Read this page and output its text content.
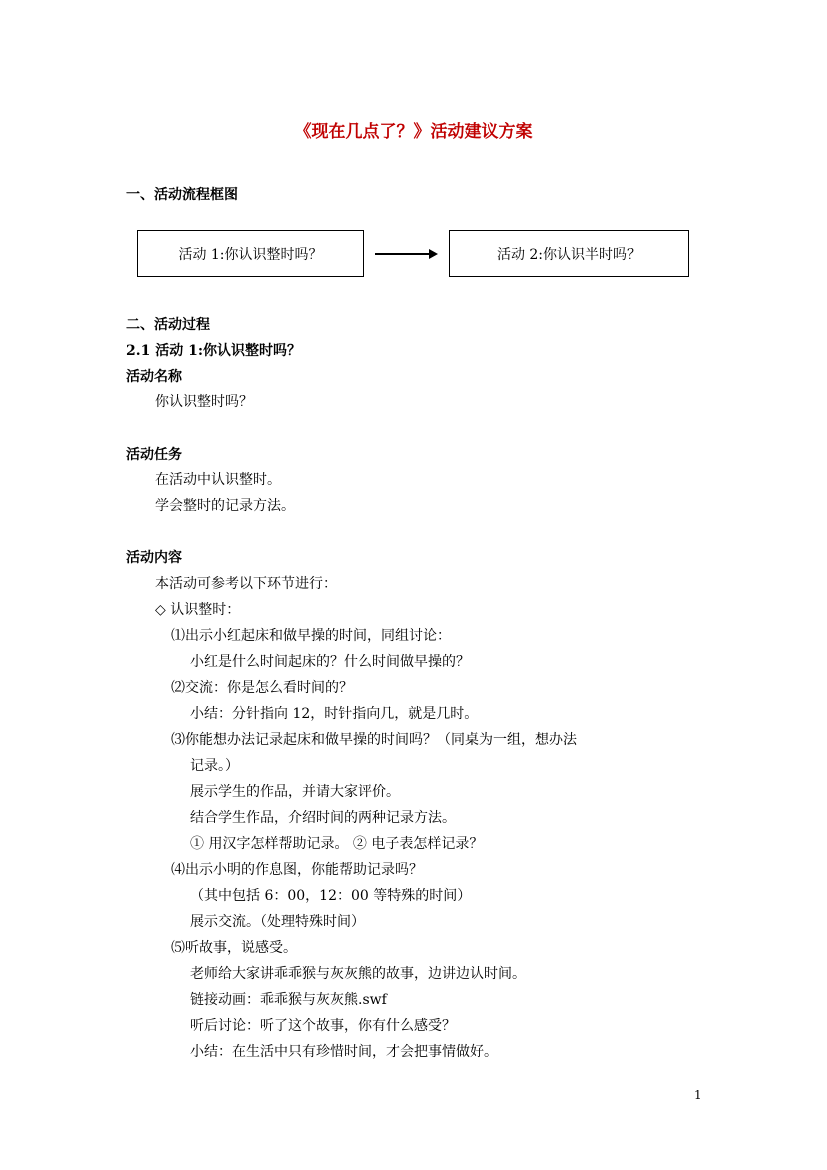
《现在几点了？》活动建议方案
一、活动流程框图
活动 1:你认识整时吗？	活动 2:你认识半时吗？
二、活动过程
2.1 活动 1:你认识整时吗？
活动名称
你认识整时吗？
活动任务
在活动中认识整时。
学会整时的记录方法。
活动内容
本活动可参考以下环节进行：
◇ 认识整时：
⑴出示小红起床和做早操的时间，同组讨论：
小红是什么时间起床的？什么时间做早操的？
⑵交流：你是怎么看时间的？
小结：分针指向 12，时针指向几，就是几时。
⑶你能想办法记录起床和做早操的时间吗？（同桌为一组，想办法
记录。）
展示学生的作品，并请大家评价。
结合学生作品，介绍时间的两种记录方法。
① 用汉字怎样帮助记录。 ② 电子表怎样记录？
⑷出示小明的作息图，你能帮助记录吗？
（其中包括 6：00，12：00 等特殊的时间）
展示交流。（处理特殊时间）
⑸听故事，说感受。
老师给大家讲乖乖猴与灰灰熊的故事，边讲边认时间。
链接动画：乖乖猴与灰灰熊.swf
听后讨论：听了这个故事，你有什么感受？
小结：在生活中只有珍惜时间，才会把事情做好。
1
